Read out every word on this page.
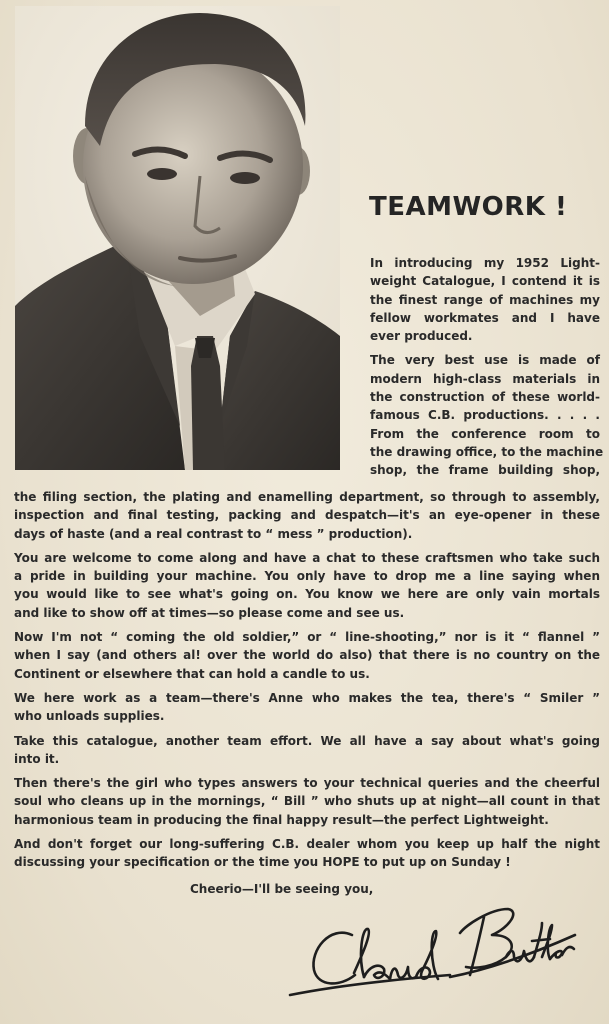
TEAMWORK !
In introducing my 1952 Light-
weight Catalogue, I contend it is
the finest range of machines my
fellow workmates and I have
ever produced.
The very best use is made of
modern high-class materials in
the construction of these world-
famous C.B. productions. . . . .
From the conference room to
the drawing office, to the machine
shop, the frame building shop,
the filing section, the plating and enamelling department, so through to assembly,
inspection and final testing, packing and despatch—it's an eye-opener in these
days of haste (and a real contrast to “ mess ” production).
You are welcome to come along and have a chat to these craftsmen who take such
a pride in building your machine. You only have to drop me a line saying when
you would like to see what's going on. You know we here are only vain mortals
and like to show off at times—so please come and see us.
Now I'm not “ coming the old soldier,” or “ line-shooting,” nor is it “ flannel ”
when I say (and others al! over the world do also) that there is no country on the
Continent or elsewhere that can hold a candle to us.
We here work as a team—there's Anne who makes the tea, there's “ Smiler ”
who unloads supplies.
Take this catalogue, another team effort. We all have a say about what's going
into it.
Then there's the girl who types answers to your technical queries and the cheerful
soul who cleans up in the mornings, “ Bill ” who shuts up at night—all count in that
harmonious team in producing the final happy result—the perfect Lightweight.
And don't forget our long-suffering C.B. dealer whom you keep up half the night
discussing your specification or the time you HOPE to put up on Sunday !
Cheerio—I'll be seeing you,
